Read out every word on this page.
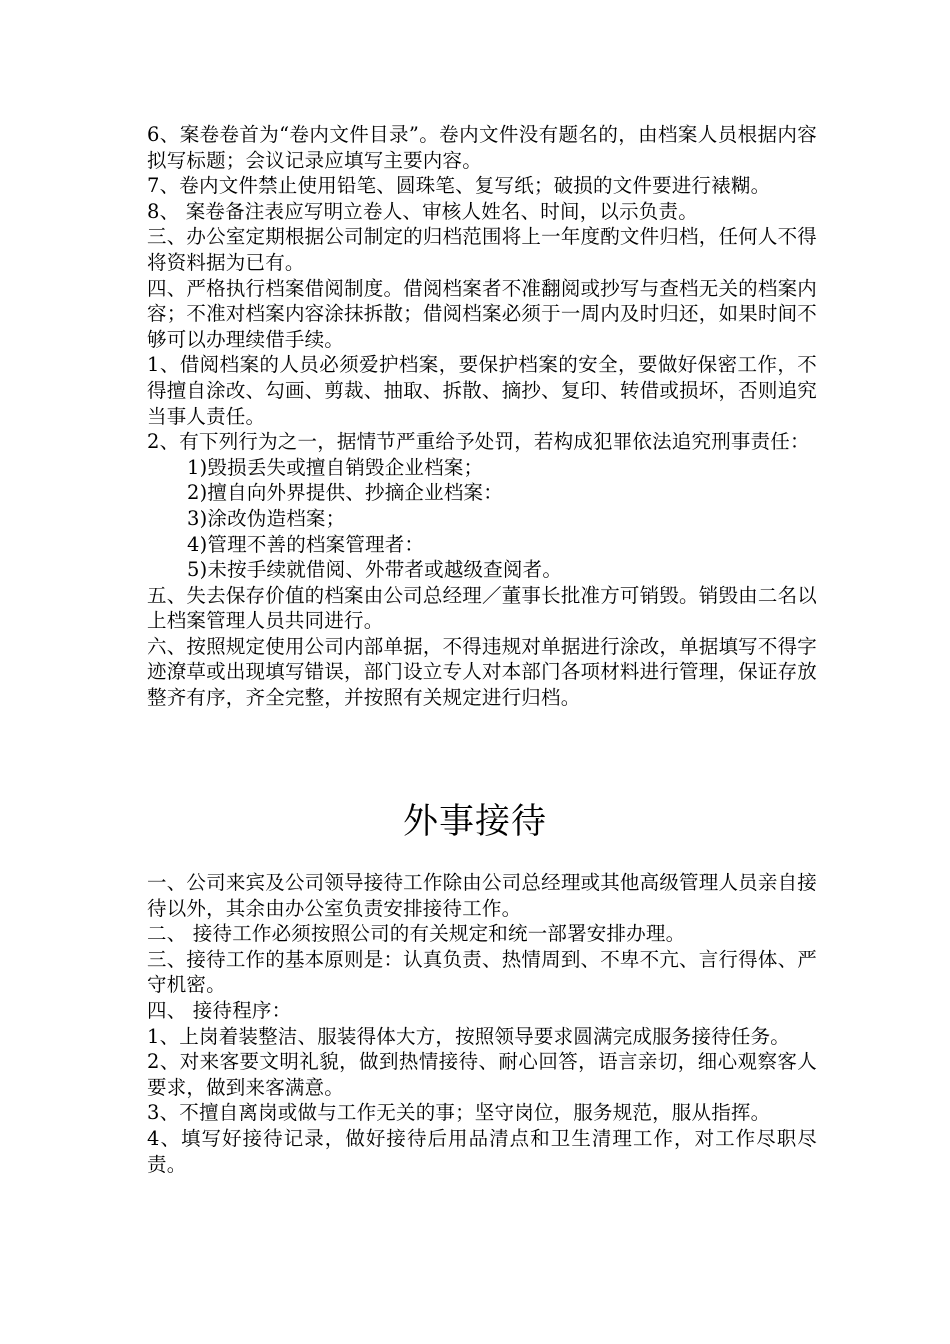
6、案卷卷首为“卷内文件目录”。卷内文件没有题名的，由档案人员根据内容拟写标题；会议记录应填写主要内容。

7、卷内文件禁止使用铅笔、圆珠笔、复写纸；破损的文件要进行裱糊。

8、 案卷备注表应写明立卷人、审核人姓名、时间，以示负责。

三、办公室定期根据公司制定的归档范围将上一年度酌文件归档，任何人不得将资料据为已有。

四、严格执行档案借阅制度。借阅档案者不准翻阅或抄写与查档无关的档案内容；不准对档案内容涂抹拆散；借阅档案必须于一周内及时归还，如果时间不够可以办理续借手续。

1、借阅档案的人员必须爱护档案，要保护档案的安全，要做好保密工作，不得擅自涂改、勾画、剪裁、抽取、拆散、摘抄、复印、转借或损坏，否则追究当事人责任。

2、有下列行为之一，据情节严重给予处罚，若构成犯罪依法追究刑事责任：

1)毁损丢失或擅自销毁企业档案；

2)擅自向外界提供、抄摘企业档案：

3)涂改伪造档案；

4)管理不善的档案管理者：

5)未按手续就借阅、外带者或越级查阅者。

五、失去保存价值的档案由公司总经理／董事长批准方可销毁。销毁由二名以上档案管理人员共同进行。

六、按照规定使用公司内部单据，不得违规对单据进行涂改，单据填写不得字迹潦草或出现填写错误，部门设立专人对本部门各项材料进行管理，保证存放整齐有序，齐全完整，并按照有关规定进行归档。

外事接待

一、公司来宾及公司领导接待工作除由公司总经理或其他高级管理人员亲自接待以外，其余由办公室负责安排接待工作。

二、 接待工作必须按照公司的有关规定和统一部署安排办理。

三、接待工作的基本原则是：认真负责、热情周到、不卑不亢、言行得体、严守机密。

四、 接待程序：

1、上岗着装整洁、服装得体大方，按照领导要求圆满完成服务接待任务。

2、对来客要文明礼貌，做到热情接待、耐心回答，语言亲切，细心观察客人要求，做到来客满意。

3、不擅自离岗或做与工作无关的事；坚守岗位，服务规范，服从指挥。

4、填写好接待记录，做好接待后用品清点和卫生清理工作，对工作尽职尽责。
